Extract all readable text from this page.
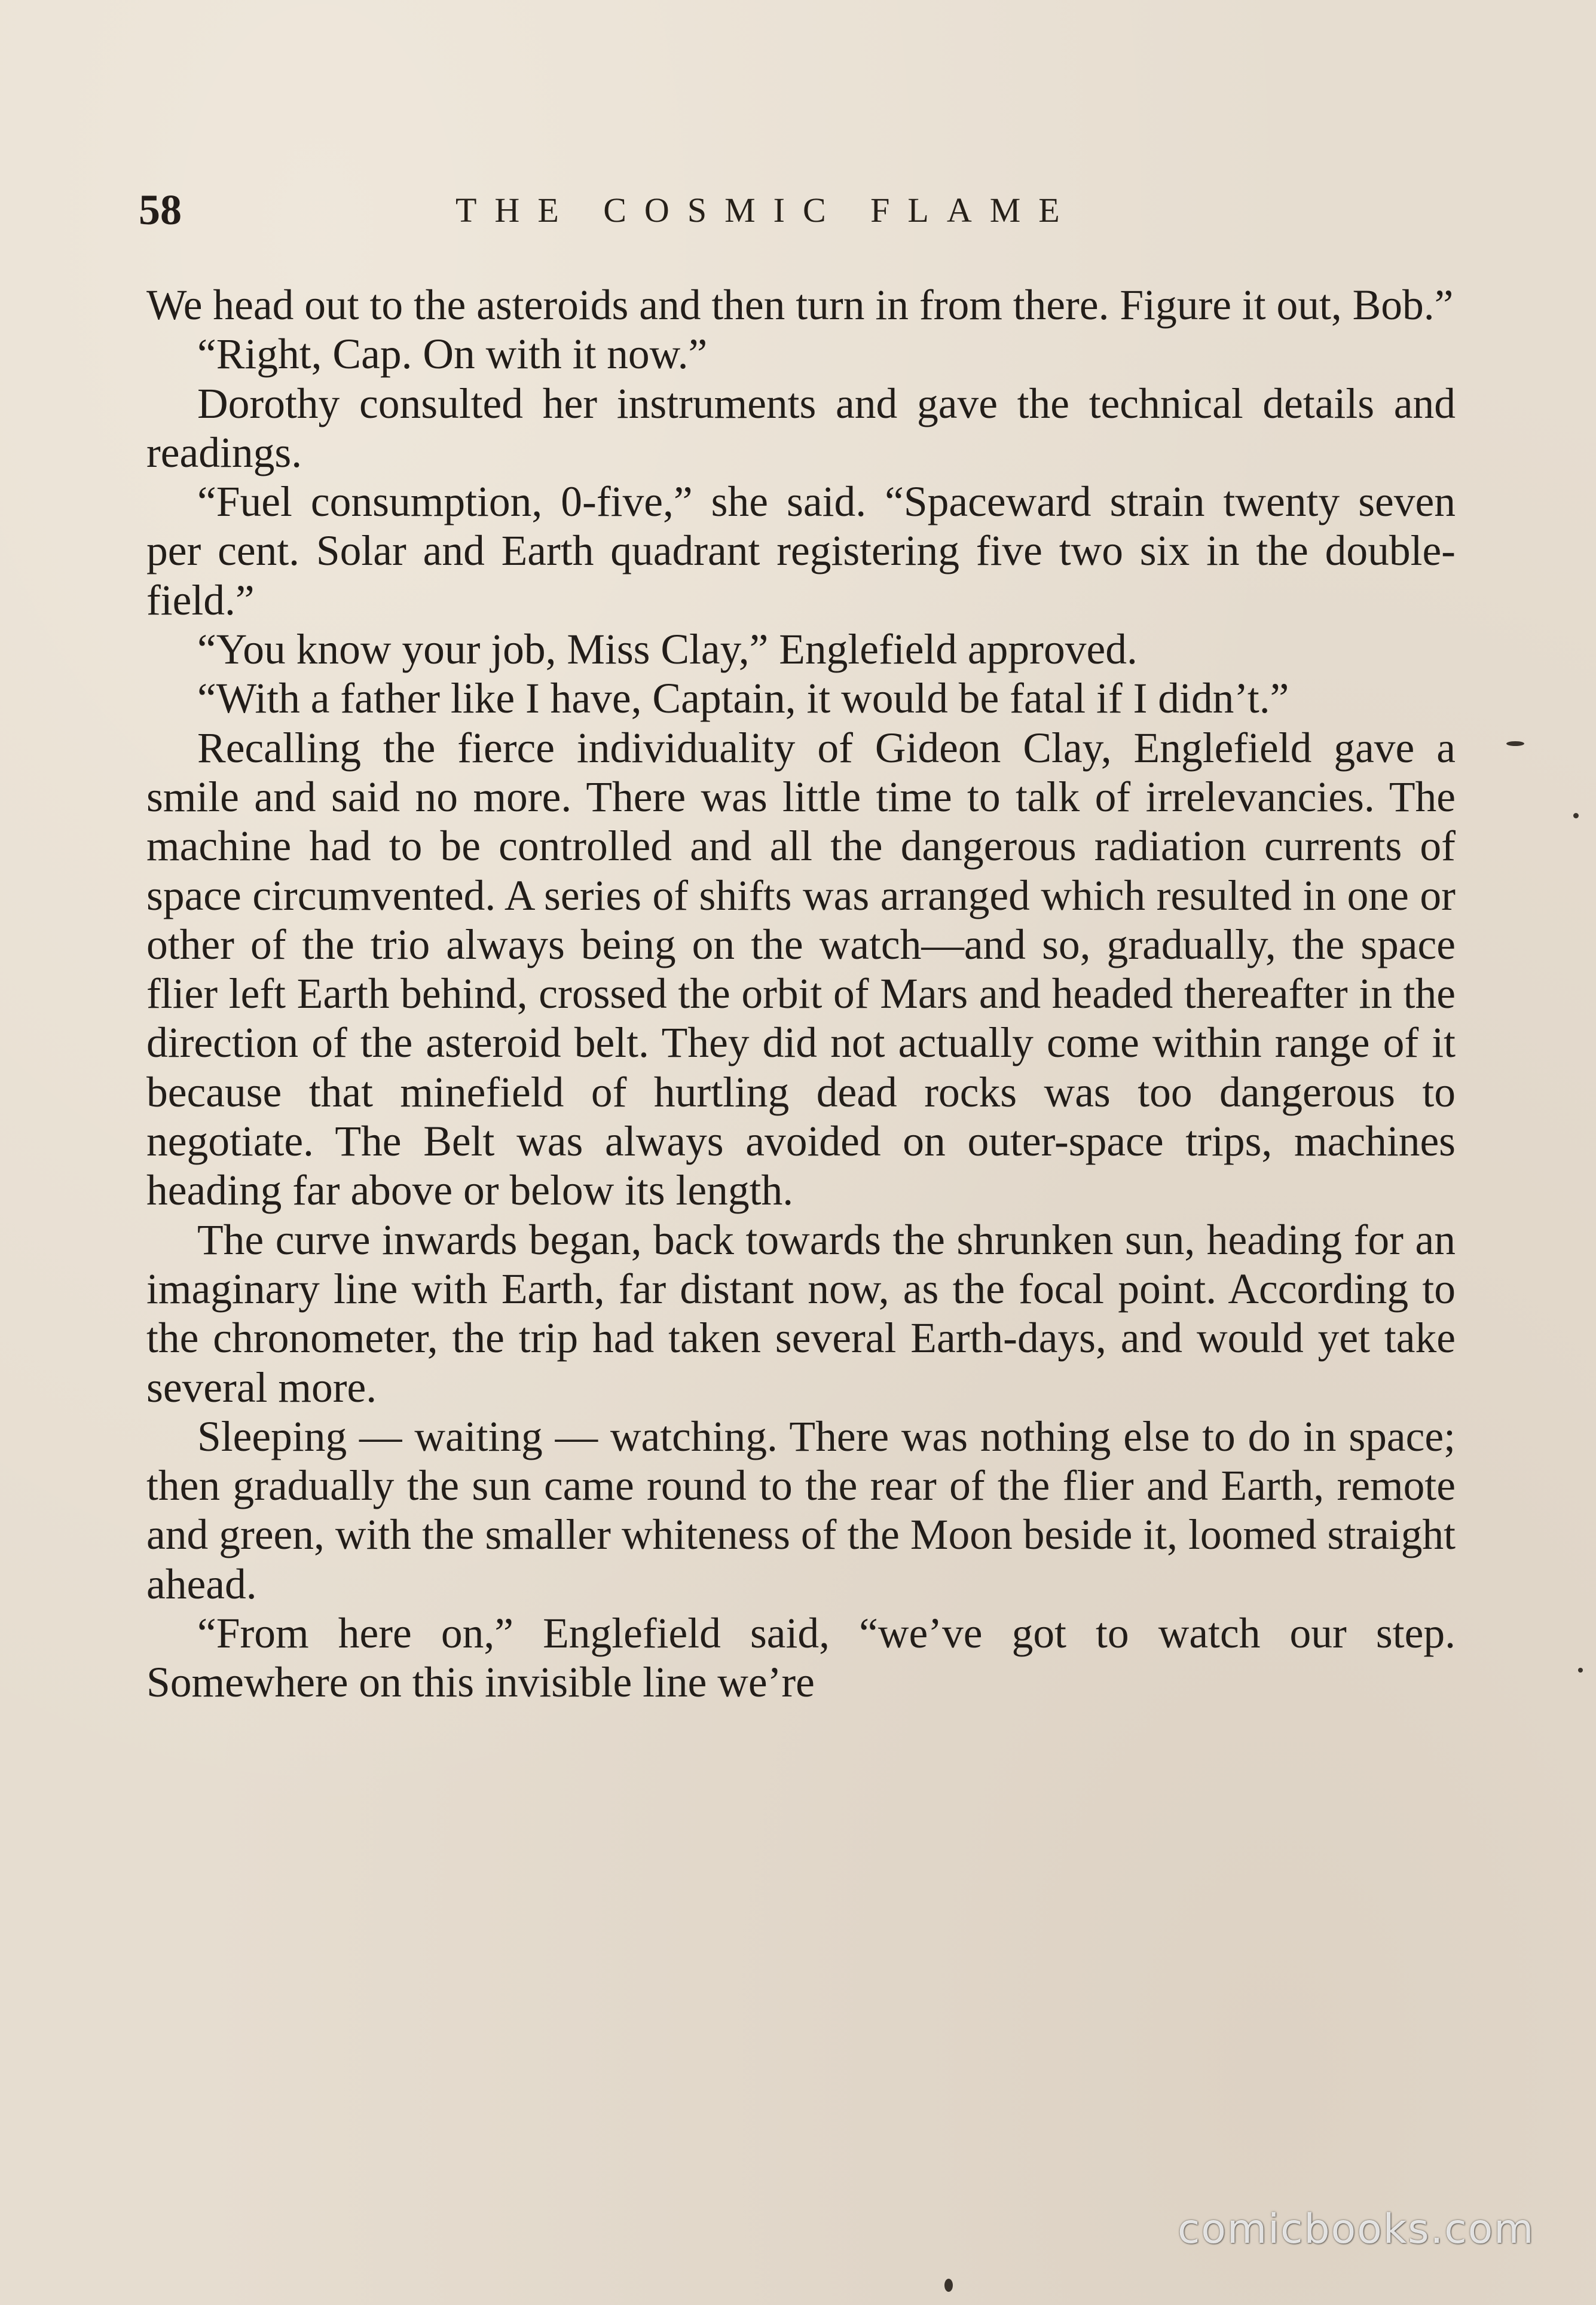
58	THE COSMIC FLAME

We head out to the asteroids and then turn in from there. Figure it out, Bob.”

“Right, Cap. On with it now.”

Dorothy consulted her instruments and gave the technical details and readings.

“Fuel consumption, 0-five,” she said. “Spaceward strain twenty seven per cent. Solar and Earth quadrant registering five two six in the double-field.”

“You know your job, Miss Clay,” Englefield approved.

“With a father like I have, Captain, it would be fatal if I didn’t.”

Recalling the fierce individuality of Gideon Clay, Englefield gave a smile and said no more. There was little time to talk of irrelevancies. The machine had to be controlled and all the dangerous radiation currents of space circumvented. A series of shifts was arranged which resulted in one or other of the trio always being on the watch—and so, gradually, the space flier left Earth behind, crossed the orbit of Mars and headed thereafter in the direction of the asteroid belt. They did not actually come within range of it because that minefield of hurtling dead rocks was too dangerous to negotiate. The Belt was always avoided on outer-space trips, machines heading far above or below its length.

The curve inwards began, back towards the shrunken sun, heading for an imaginary line with Earth, far distant now, as the focal point. According to the chronometer, the trip had taken several Earth-days, and would yet take several more.

Sleeping — waiting — watching. There was nothing else to do in space; then gradually the sun came round to the rear of the flier and Earth, remote and green, with the smaller whiteness of the Moon beside it, loomed straight ahead.

“From here on,” Englefield said, “we’ve got to watch our step. Somewhere on this invisible line we’re

comicbooks.com
